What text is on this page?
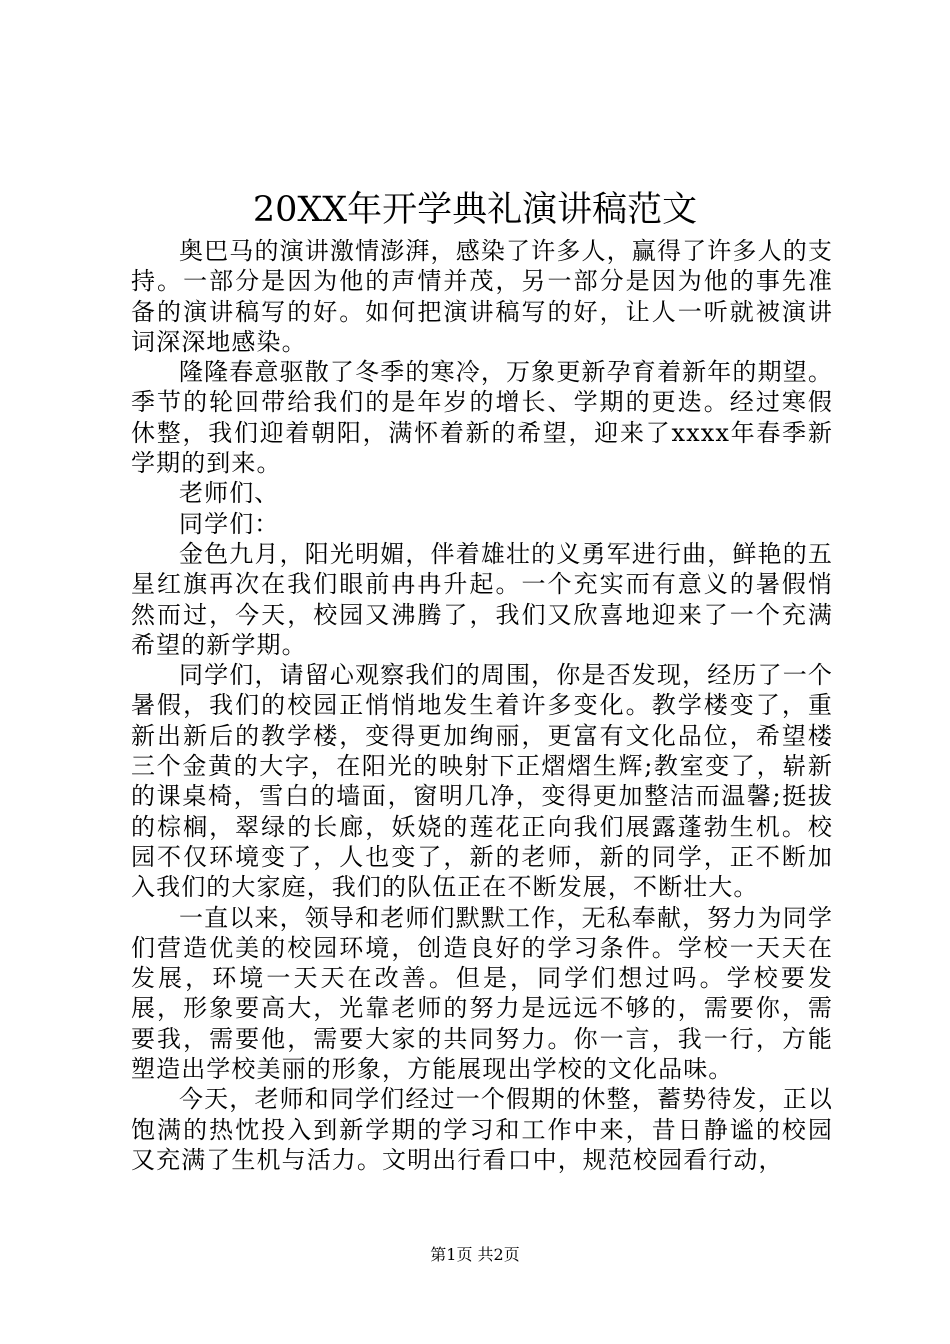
20XX年开学典礼演讲稿范文

奥巴马的演讲激情澎湃，感染了许多人，赢得了许多人的支持。一部分是因为他的声情并茂，另一部分是因为他的事先准备的演讲稿写的好。如何把演讲稿写的好，让人一听就被演讲词深深地感染。

隆隆春意驱散了冬季的寒冷，万象更新孕育着新年的期望。季节的轮回带给我们的是年岁的增长、学期的更迭。经过寒假休整，我们迎着朝阳，满怀着新的希望，迎来了xxxx年春季新学期的到来。

老师们、

同学们：

金色九月，阳光明媚，伴着雄壮的义勇军进行曲，鲜艳的五星红旗再次在我们眼前冉冉升起。一个充实而有意义的暑假悄然而过，今天，校园又沸腾了，我们又欣喜地迎来了一个充满希望的新学期。

同学们，请留心观察我们的周围，你是否发现，经历了一个暑假，我们的校园正悄悄地发生着许多变化。教学楼变了，重新出新后的教学楼，变得更加绚丽，更富有文化品位，希望楼三个金黄的大字，在阳光的映射下正熠熠生辉;教室变了，崭新的课桌椅，雪白的墙面，窗明几净，变得更加整洁而温馨;挺拔的棕榈，翠绿的长廊，妖娆的莲花正向我们展露蓬勃生机。校园不仅环境变了，人也变了，新的老师，新的同学，正不断加入我们的大家庭，我们的队伍正在不断发展，不断壮大。

一直以来，领导和老师们默默工作，无私奉献，努力为同学们营造优美的校园环境，创造良好的学习条件。学校一天天在发展，环境一天天在改善。但是，同学们想过吗。学校要发展，形象要高大，光靠老师的努力是远远不够的，需要你，需要我，需要他，需要大家的共同努力。你一言，我一行，方能塑造出学校美丽的形象，方能展现出学校的文化品味。

今天，老师和同学们经过一个假期的休整，蓄势待发，正以饱满的热忱投入到新学期的学习和工作中来，昔日静谧的校园又充满了生机与活力。文明出行看口中，规范校园看行动，

第1页 共2页
